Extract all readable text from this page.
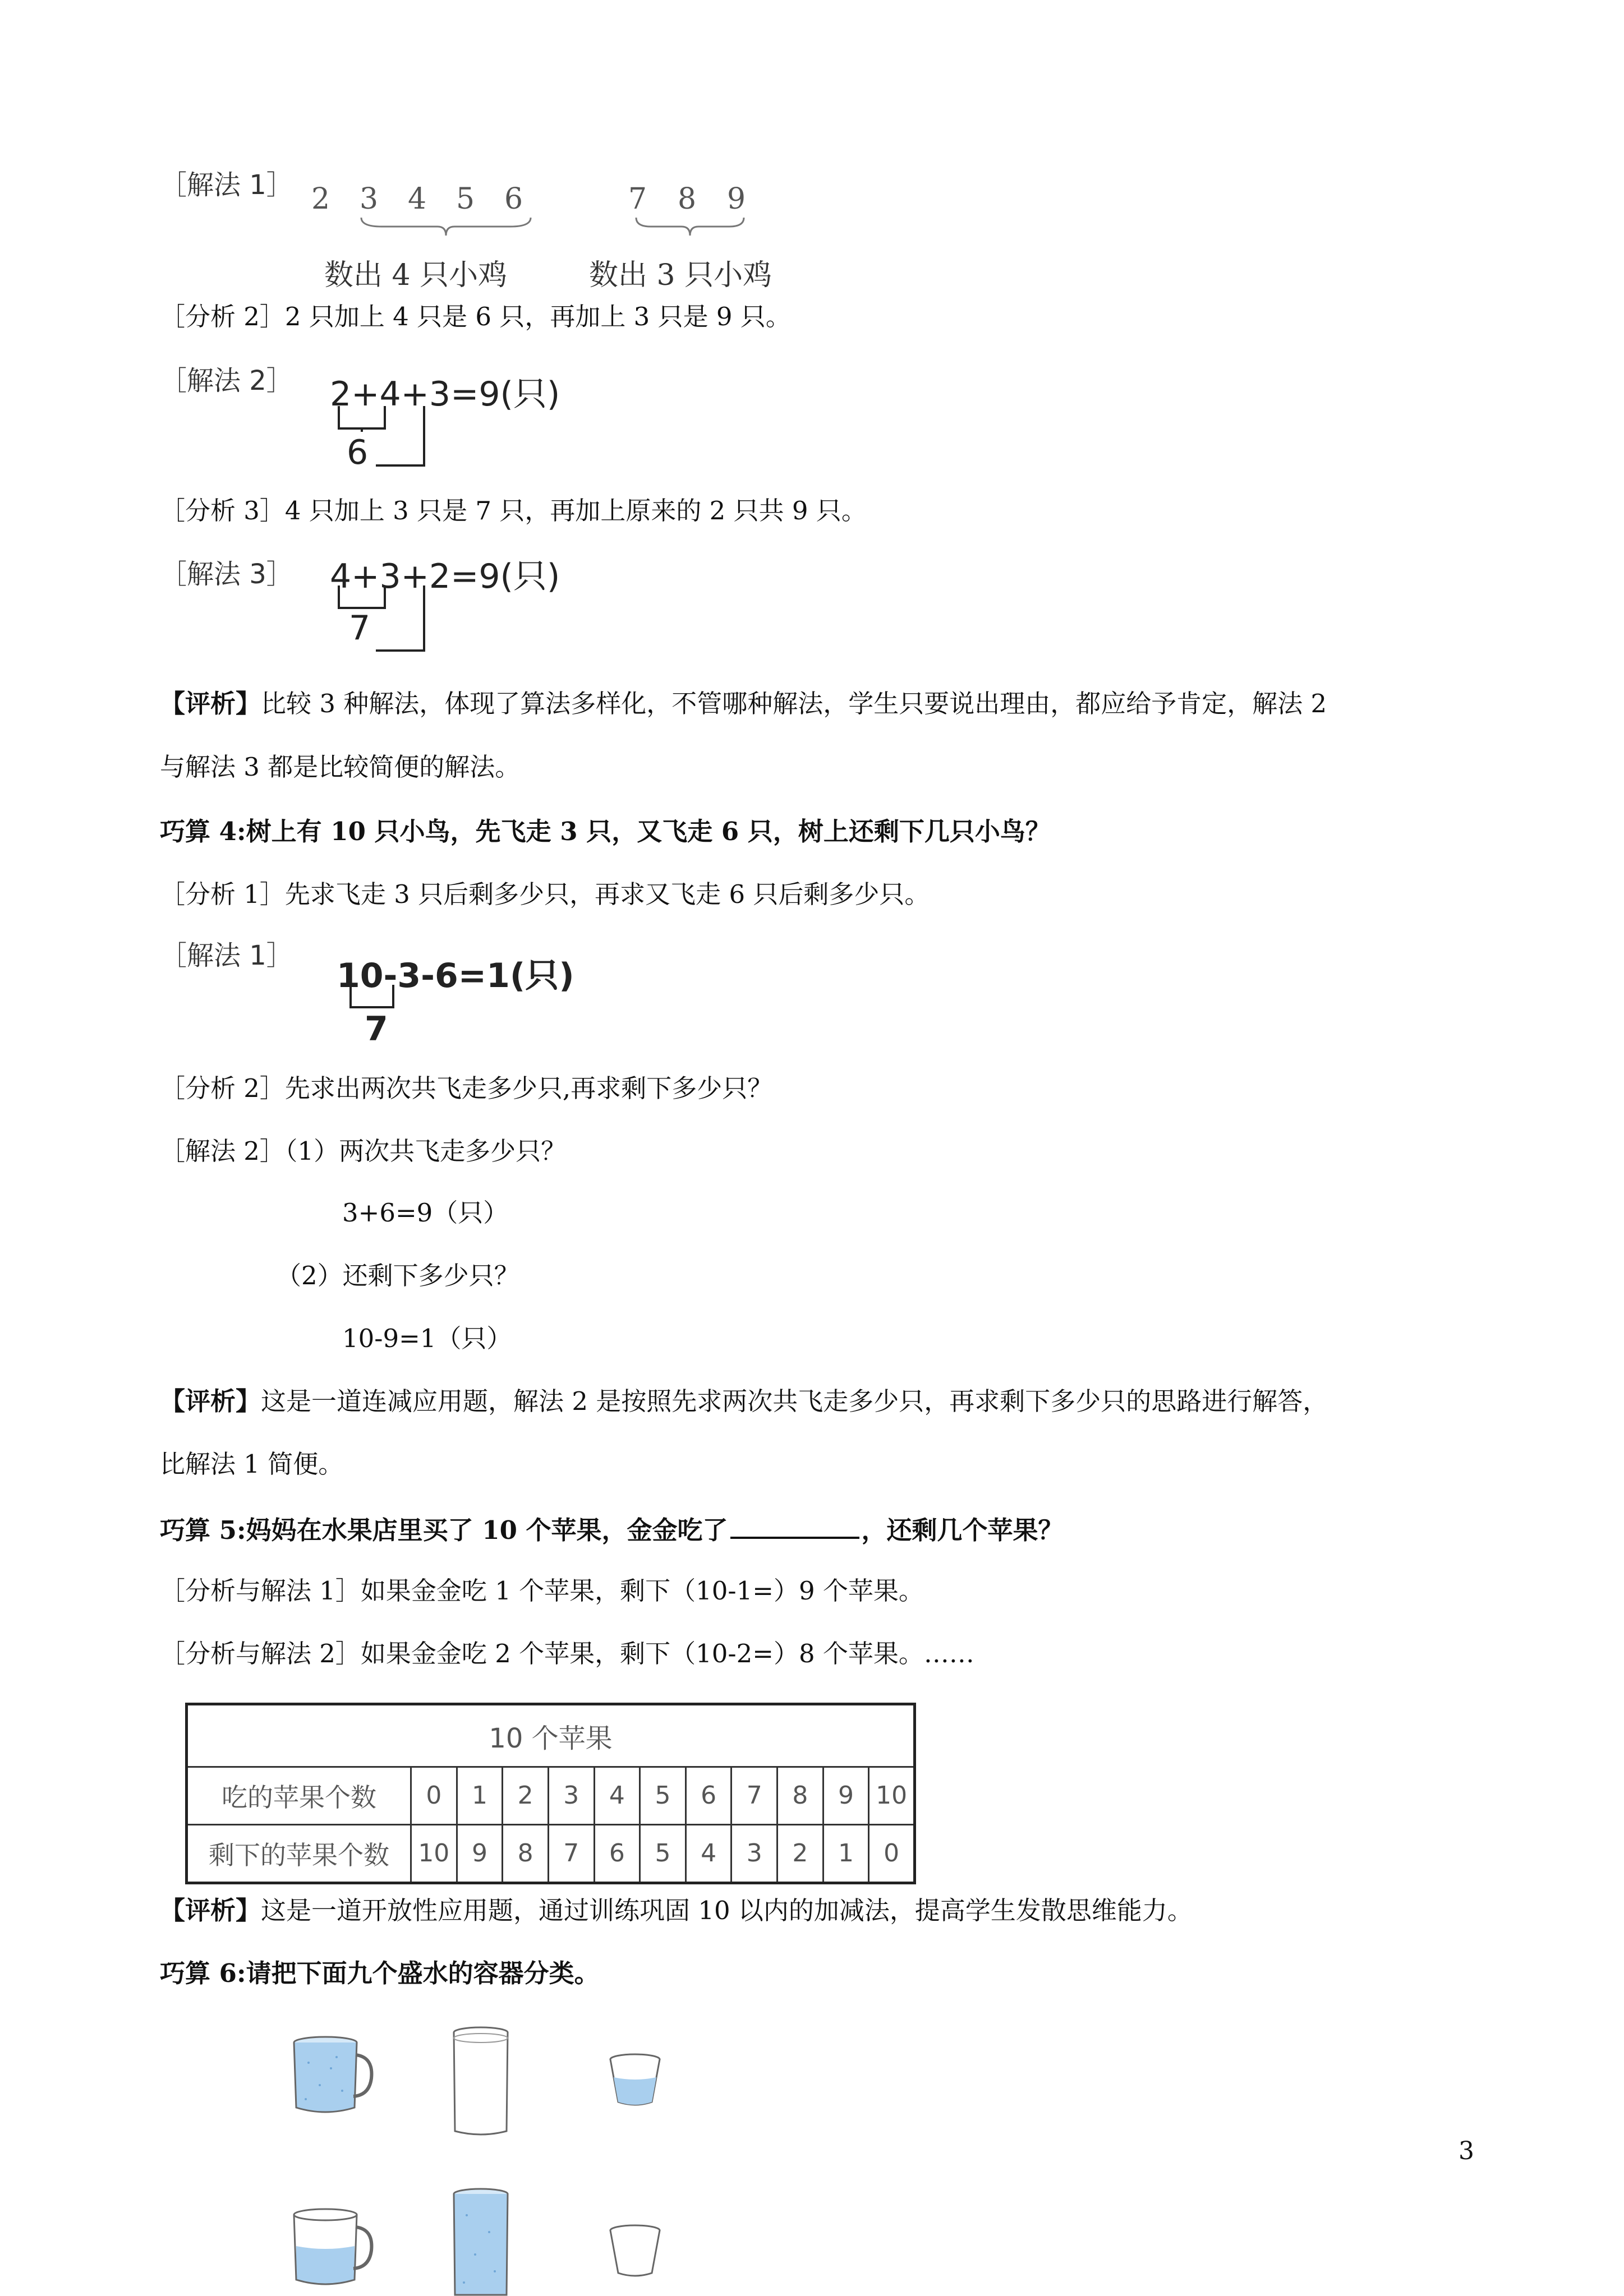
［解法 1］ 2 3 4 5 6	7 8 9
数出 4 只小鸡	数出 3 只小鸡
［分析 2］2 只加上 4 只是 6 只，再加上 3 只是 9 只。
［解法 2］ 2+4+3=9(只)
6
［分析 3］4 只加上 3 只是 7 只，再加上原来的 2 只共 9 只。
［解法 3］ 4+3+2=9(只)
7
【评析】比较 3 种解法，体现了算法多样化，不管哪种解法，学生只要说出理由，都应给予肯定，解法 2
与解法 3 都是比较简便的解法。
巧算 4:树上有 10 只小鸟，先飞走 3 只，又飞走 6 只，树上还剩下几只小鸟？
［分析 1］先求飞走 3 只后剩多少只，再求又飞走 6 只后剩多少只。
［解法 1］
10-3-6=1(只)
7
［分析 2］先求出两次共飞走多少只,再求剩下多少只？
［解法 2］（1）两次共飞走多少只？
3+6=9（只）
（2）还剩下多少只？
10-9=1（只）
【评析】这是一道连减应用题，解法 2 是按照先求两次共飞走多少只，再求剩下多少只的思路进行解答，
比解法 1 简便。
巧算 5:妈妈在水果店里买了 10 个苹果，金金吃了	，还剩几个苹果？
［分析与解法 1］如果金金吃 1 个苹果，剩下（10-1=）9 个苹果。
［分析与解法 2］如果金金吃 2 个苹果，剩下（10-2=）8 个苹果。……
10 个苹果											
吃的苹果个数	0	1	2	3	4	5	6	7	8	9	10
剩下的苹果个数	10	9	8	7	6	5	4	3	2	1	0
【评析】这是一道开放性应用题，通过训练巩固 10 以内的加减法，提高学生发散思维能力。
巧算 6:请把下面九个盛水的容器分类。
3
